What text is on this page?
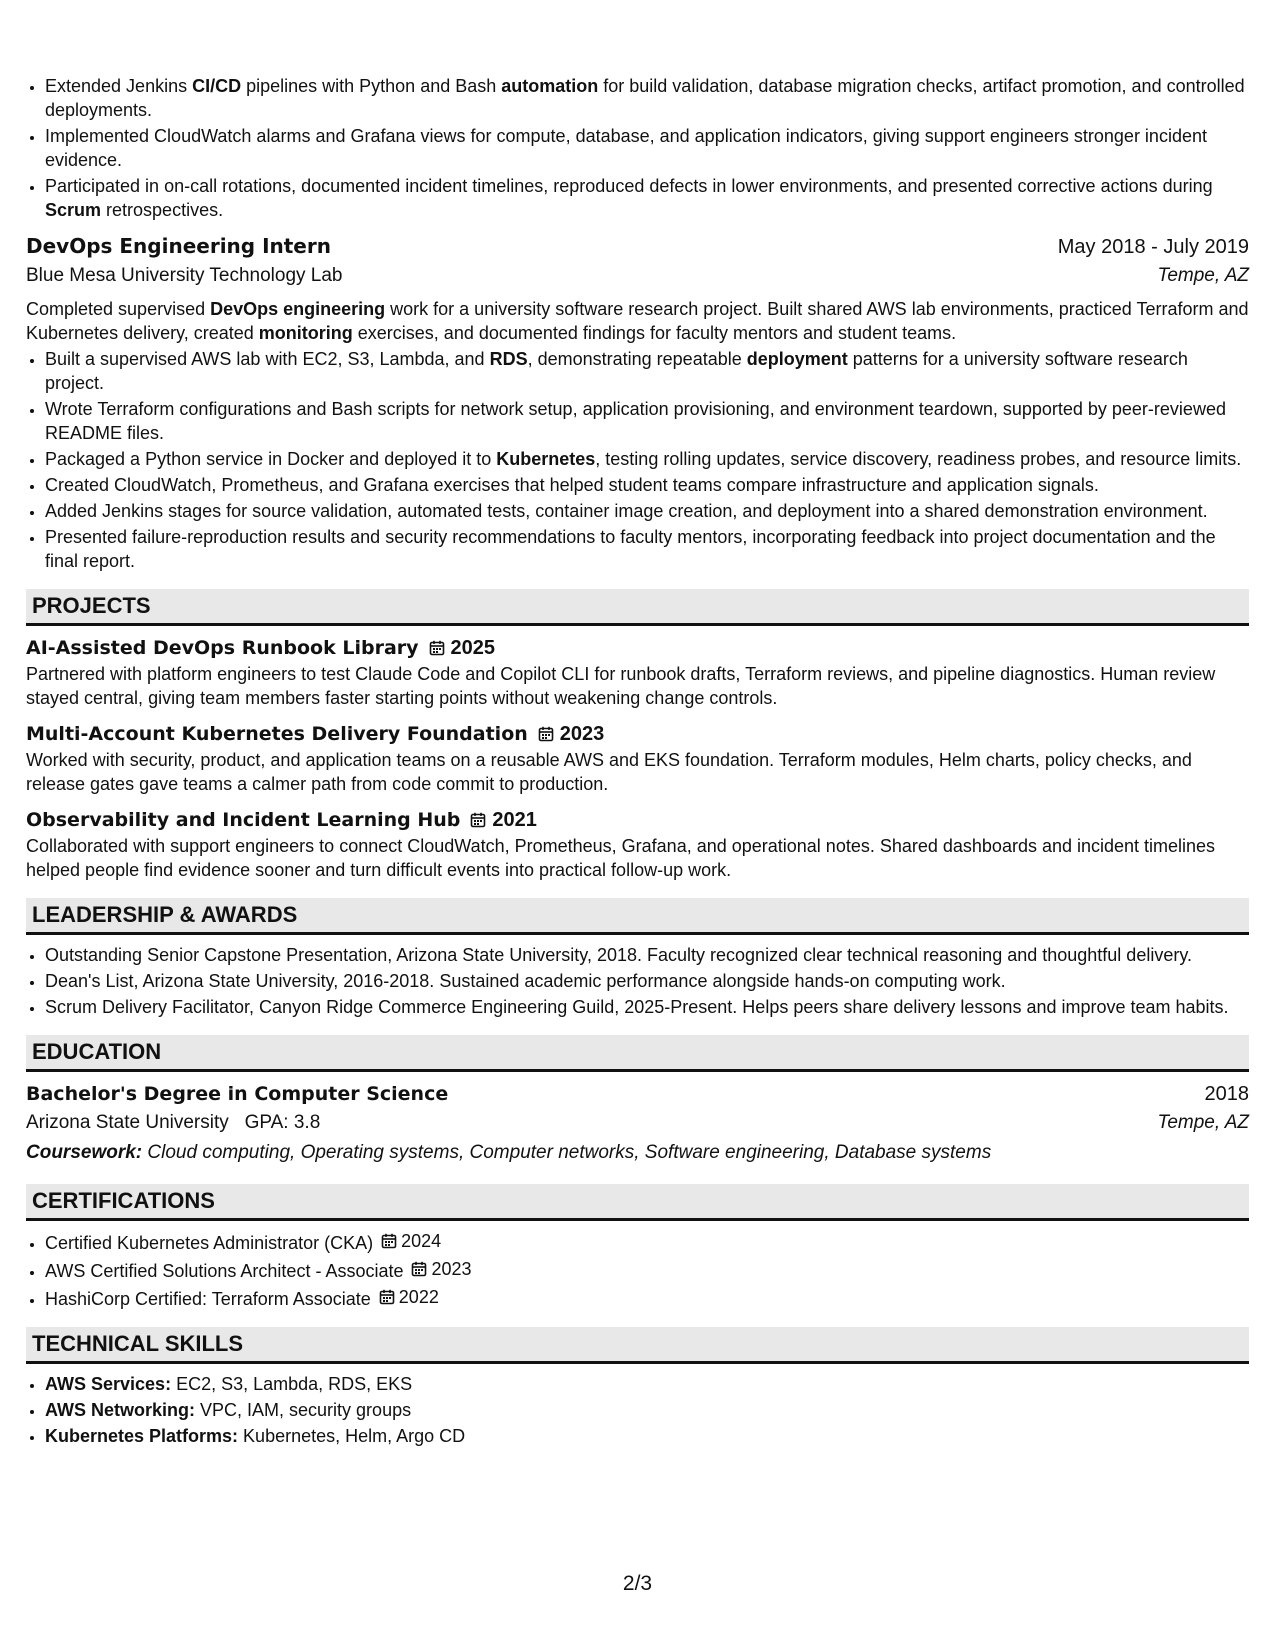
• Extended Jenkins CI/CD pipelines with Python and Bash automation for build validation, database migration checks, artifact promotion, and controlled deployments.
• Implemented CloudWatch alarms and Grafana views for compute, database, and application indicators, giving support engineers stronger incident evidence.
• Participated in on-call rotations, documented incident timelines, reproduced defects in lower environments, and presented corrective actions during Scrum retrospectives.
DevOps Engineering Intern	May 2018 - July 2019
Blue Mesa University Technology Lab	Tempe, AZ
Completed supervised DevOps engineering work for a university software research project. Built shared AWS lab environments, practiced Terraform and Kubernetes delivery, created monitoring exercises, and documented findings for faculty mentors and student teams.
• Built a supervised AWS lab with EC2, S3, Lambda, and RDS, demonstrating repeatable deployment patterns for a university software research project.
• Wrote Terraform configurations and Bash scripts for network setup, application provisioning, and environment teardown, supported by peer-reviewed README files.
• Packaged a Python service in Docker and deployed it to Kubernetes, testing rolling updates, service discovery, readiness probes, and resource limits.
• Created CloudWatch, Prometheus, and Grafana exercises that helped student teams compare infrastructure and application signals.
• Added Jenkins stages for source validation, automated tests, container image creation, and deployment into a shared demonstration environment.
• Presented failure-reproduction results and security recommendations to faculty mentors, incorporating feedback into project documentation and the final report.
PROJECTS
AI-Assisted DevOps Runbook Library 2025
Partnered with platform engineers to test Claude Code and Copilot CLI for runbook drafts, Terraform reviews, and pipeline diagnostics. Human review stayed central, giving team members faster starting points without weakening change controls.
Multi-Account Kubernetes Delivery Foundation 2023
Worked with security, product, and application teams on a reusable AWS and EKS foundation. Terraform modules, Helm charts, policy checks, and release gates gave teams a calmer path from code commit to production.
Observability and Incident Learning Hub 2021
Collaborated with support engineers to connect CloudWatch, Prometheus, Grafana, and operational notes. Shared dashboards and incident timelines helped people find evidence sooner and turn difficult events into practical follow-up work.
LEADERSHIP & AWARDS
• Outstanding Senior Capstone Presentation, Arizona State University, 2018. Faculty recognized clear technical reasoning and thoughtful delivery.
• Dean's List, Arizona State University, 2016-2018. Sustained academic performance alongside hands-on computing work.
• Scrum Delivery Facilitator, Canyon Ridge Commerce Engineering Guild, 2025-Present. Helps peers share delivery lessons and improve team habits.
EDUCATION
Bachelor's Degree in Computer Science	2018
Arizona State University GPA: 3.8	Tempe, AZ
Coursework: Cloud computing, Operating systems, Computer networks, Software engineering, Database systems
CERTIFICATIONS
• Certified Kubernetes Administrator (CKA) 2024
• AWS Certified Solutions Architect - Associate 2023
• HashiCorp Certified: Terraform Associate 2022
TECHNICAL SKILLS
• AWS Services: EC2, S3, Lambda, RDS, EKS
• AWS Networking: VPC, IAM, security groups
• Kubernetes Platforms: Kubernetes, Helm, Argo CD
2/3
